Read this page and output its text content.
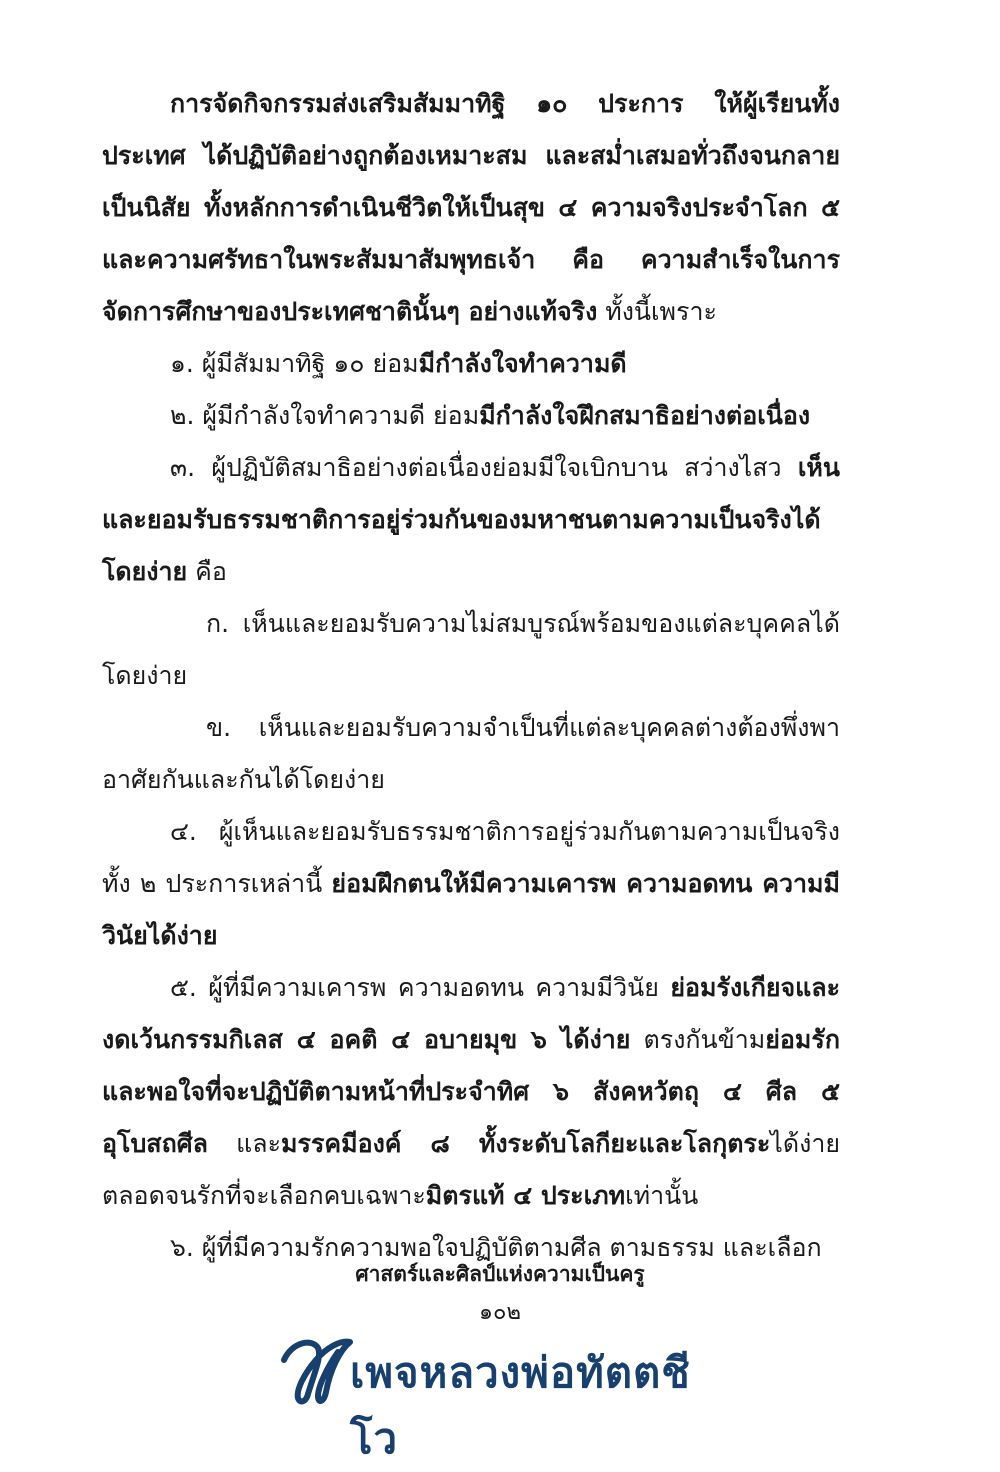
การจัดกิจกรรมส่งเสริมสัมมาทิฐิ ๑๐ ประการ ให้ผู้เรียนทั้งประเทศ ได้ปฏิบัติอย่างถูกต้องเหมาะสม และสม่ำเสมอทั่วถึงจนกลายเป็นนิสัย ทั้งหลักการดำเนินชีวิตให้เป็นสุข ๔ ความจริงประจำโลก ๕ และความศรัทธาในพระสัมมาสัมพุทธเจ้า คือ ความสำเร็จในการจัดการศึกษาของประเทศชาตินั้นๆ อย่างแท้จริง ทั้งนี้เพราะ

๑. ผู้มีสัมมาทิฐิ ๑๐ ย่อมมีกำลังใจทำความดี

๒. ผู้มีกำลังใจทำความดี ย่อมมีกำลังใจฝึกสมาธิอย่างต่อเนื่อง

๓. ผู้ปฏิบัติสมาธิอย่างต่อเนื่องย่อมมีใจเบิกบาน สว่างไสว เห็นและยอมรับธรรมชาติการอยู่ร่วมกันของมหาชนตามความเป็นจริงได้โดยง่าย คือ

ก. เห็นและยอมรับความไม่สมบูรณ์พร้อมของแต่ละบุคคลได้โดยง่าย

ข. เห็นและยอมรับความจำเป็นที่แต่ละบุคคลต่างต้องพึ่งพาอาศัยกันและกันได้โดยง่าย

๔. ผู้เห็นและยอมรับธรรมชาติการอยู่ร่วมกันตามความเป็นจริงทั้ง ๒ ประการเหล่านี้ ย่อมฝึกตนให้มีความเคารพ ความอดทน ความมีวินัยได้ง่าย

๕. ผู้ที่มีความเคารพ ความอดทน ความมีวินัย ย่อมรังเกียจและงดเว้นกรรมกิเลส ๔ อคติ ๔ อบายมุข ๖ ได้ง่าย ตรงกันข้ามย่อมรักและพอใจที่จะปฏิบัติตามหน้าที่ประจำทิศ ๖ สังคหวัตถุ ๔ ศีล ๕ อุโบสถศีล และมรรคมีองค์ ๘ ทั้งระดับโลกียะและโลกุตระได้ง่ายตลอดจนรักที่จะเลือกคบเฉพาะมิตรแท้ ๔ ประเภทเท่านั้น

๖. ผู้ที่มีความรักความพอใจปฏิบัติตามศีล ตามธรรม และเลือก

ศาสตร์และศิลป์แห่งความเป็นครู
๑๐๒
เพจหลวงพ่อทัตตชีโว
